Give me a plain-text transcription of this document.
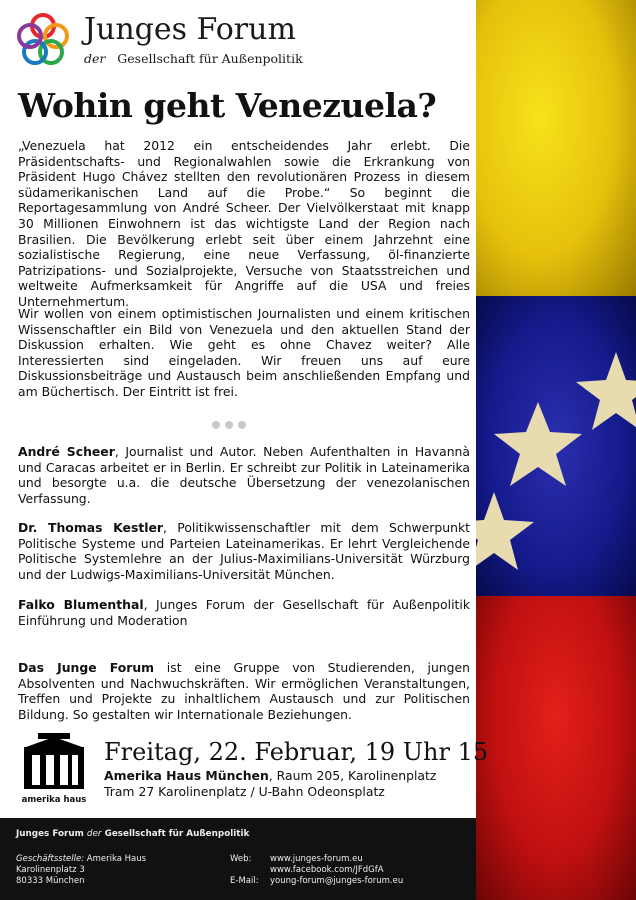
Junges Forum
der Gesellschaft für Außenpolitik
Wohin geht Venezuela?
„Venezuela hat 2012 ein entscheidendes Jahr erlebt. Die Präsidentschafts- und Regionalwahlen sowie die Erkrankung von Präsident Hugo Chávez stellten den revolutionären Prozess in diesem südamerikanischen Land auf die Probe.“ So beginnt die Reportagesammlung von André Scheer. Der Vielvölkerstaat mit knapp 30 Millionen Einwohnern ist das wichtigste Land der Region nach Brasilien. Die Bevölkerung erlebt seit über einem Jahrzehnt eine sozialistische Regierung, eine neue Verfassung, öl-finanzierte Patrizipations- und Sozialprojekte, Versuche von Staatsstreichen und weltweite Aufmerksamkeit für Angriffe auf die USA und freies Unternehmertum.
Wir wollen von einem optimistischen Journalisten und einem kritischen Wissenschaftler ein Bild von Venezuela und den aktuellen Stand der Diskussion erhalten. Wie geht es ohne Chavez weiter? Alle Interessierten sind eingeladen. Wir freuen uns auf eure Diskussionsbeiträge und Austausch beim anschließenden Empfang und am Büchertisch. Der Eintritt ist frei.
André Scheer, Journalist und Autor. Neben Aufenthalten in Havannà und Caracas arbeitet er in Berlin. Er schreibt zur Politik in Lateinamerika und besorgte u.a. die deutsche Übersetzung der venezolanischen Verfassung.
Dr. Thomas Kestler, Politikwissenschaftler mit dem Schwerpunkt Politische Systeme und Parteien Lateinamerikas. Er lehrt Vergleichende Politische Systemlehre an der Julius-Maximilians-Universität Würzburg und der Ludwigs-Maximilians-Universität München.
Falko Blumenthal, Junges Forum der Gesellschaft für Außenpolitik Einführung und Moderation
Das Junge Forum ist eine Gruppe von Studierenden, jungen Absolventen und Nachwuchskräften. Wir ermöglichen Veranstaltungen, Treffen und Projekte zu inhaltlichem Austausch und zur Politischen Bildung. So gestalten wir Internationale Beziehungen.
amerika haus
Freitag, 22. Februar, 19 Uhr 15
Amerika Haus München, Raum 205, Karolinenplatz
Tram 27 Karolinenplatz / U-Bahn Odeonsplatz
Junges Forum der Gesellschaft für Außenpolitik
Geschäftsstelle: Amerika Haus
Karolinenplatz 3
80333 München
Web:	www.junges-forum.eu
www.facebook.com/JFdGfA
E-Mail:	young-forum@junges-forum.eu
